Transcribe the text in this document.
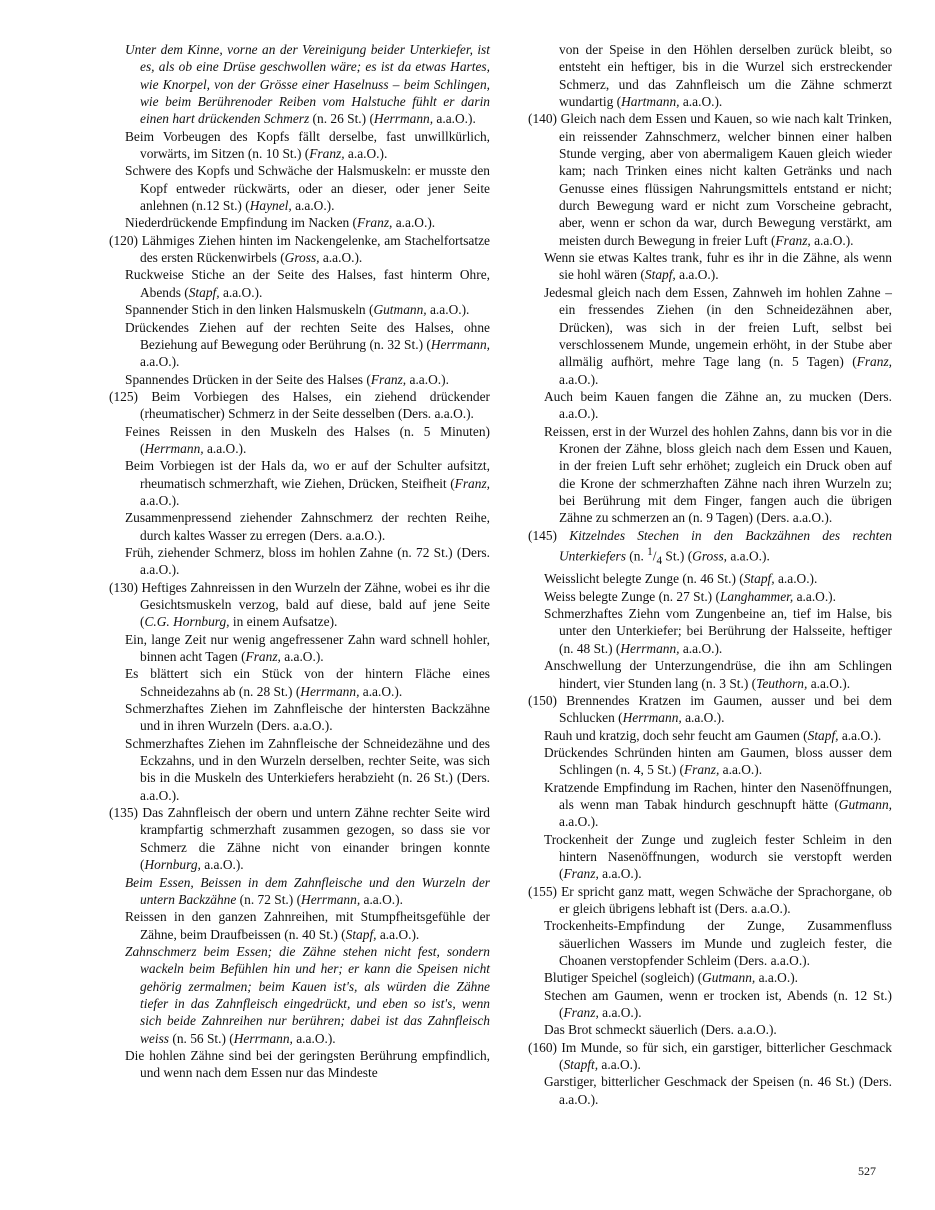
Unter dem Kinne, vorne an der Vereinigung beider Unterkiefer, ist es, als ob eine Drüse geschwollen wäre; es ist da etwas Hartes, wie Knorpel, von der Grösse einer Haselnuss – beim Schlingen, wie beim Berührenoder Reiben vom Halstuche fühlt er darin einen hart drückenden Schmerz (n. 26 St.) (Herrmann, a.a.O.).

Beim Vorbeugen des Kopfs fällt derselbe, fast unwillkürlich, vorwärts, im Sitzen (n. 10 St.) (Franz, a.a.O.).

Schwere des Kopfs und Schwäche der Halsmuskeln: er musste den Kopf entweder rückwärts, oder an dieser, oder jener Seite anlehnen (n.12 St.) (Haynel, a.a.O.).

Niederdrückende Empfindung im Nacken (Franz, a.a.O.).

(120) Lähmiges Ziehen hinten im Nackengelenke, am Stachelfortsatze des ersten Rückenwirbels (Gross, a.a.O.).

Ruckweise Stiche an der Seite des Halses, fast hinterm Ohre, Abends (Stapf, a.a.O.).

Spannender Stich in den linken Halsmuskeln (Gutmann, a.a.O.).

Drückendes Ziehen auf der rechten Seite des Halses, ohne Beziehung auf Bewegung oder Berührung (n. 32 St.) (Herrmann, a.a.O.).

Spannendes Drücken in der Seite des Halses (Franz, a.a.O.).

(125) Beim Vorbiegen des Halses, ein ziehend drückender (rheumatischer) Schmerz in der Seite desselben (Ders. a.a.O.).

Feines Reissen in den Muskeln des Halses (n. 5 Minuten) (Herrmann, a.a.O.).

Beim Vorbiegen ist der Hals da, wo er auf der Schulter aufsitzt, rheumatisch schmerzhaft, wie Ziehen, Drücken, Steifheit (Franz, a.a.O.).

Zusammenpressend ziehender Zahnschmerz der rechten Reihe, durch kaltes Wasser zu erregen (Ders. a.a.O.).

Früh, ziehender Schmerz, bloss im hohlen Zahne (n. 72 St.) (Ders. a.a.O.).

(130) Heftiges Zahnreissen in den Wurzeln der Zähne, wobei es ihr die Gesichtsmuskeln verzog, bald auf diese, bald auf jene Seite (C.G. Hornburg, in einem Aufsatze).

Ein, lange Zeit nur wenig angefressener Zahn ward schnell hohler, binnen acht Tagen (Franz, a.a.O.).

Es blättert sich ein Stück von der hintern Fläche eines Schneidezahns ab (n. 28 St.) (Herrmann, a.a.O.).

Schmerzhaftes Ziehen im Zahnfleische der hintersten Backzähne und in ihren Wurzeln (Ders. a.a.O.).

Schmerzhaftes Ziehen im Zahnfleische der Schneidezähne und des Eckzahns, und in den Wurzeln derselben, rechter Seite, was sich bis in die Muskeln des Unterkiefers herabzieht (n. 26 St.) (Ders. a.a.O.).

(135) Das Zahnfleisch der obern und untern Zähne rechter Seite wird krampfartig schmerzhaft zusammen gezogen, so dass sie vor Schmerz die Zähne nicht von einander bringen konnte (Hornburg, a.a.O.).

Beim Essen, Beissen in dem Zahnfleische und den Wurzeln der untern Backzähne (n. 72 St.) (Herrmann, a.a.O.).

Reissen in den ganzen Zahnreihen, mit Stumpfheitsgefühle der Zähne, beim Draufbeissen (n. 40 St.) (Stapf, a.a.O.).

Zahnschmerz beim Essen; die Zähne stehen nicht fest, sondern wackeln beim Befühlen hin und her; er kann die Speisen nicht gehörig zermalmen; beim Kauen ist's, als würden die Zähne tiefer in das Zahnfleisch eingedrückt, und eben so ist's, wenn sich beide Zahnreihen nur berühren; dabei ist das Zahnfleisch weiss (n. 56 St.) (Herrmann, a.a.O.).

Die hohlen Zähne sind bei der geringsten Berührung empfindlich, und wenn nach dem Essen nur das Mindeste

von der Speise in den Höhlen derselben zurück bleibt, so entsteht ein heftiger, bis in die Wurzel sich erstreckender Schmerz, und das Zahnfleisch um die Zähne schmerzt wundartig (Hartmann, a.a.O.).

(140) Gleich nach dem Essen und Kauen, so wie nach kalt Trinken, ein reissender Zahnschmerz, welcher binnen einer halben Stunde verging, aber von abermaligem Kauen gleich wieder kam; nach Trinken eines nicht kalten Getränks und nach Genusse eines flüssigen Nahrungsmittels entstand er nicht; durch Bewegung ward er nicht zum Vorscheine gebracht, aber, wenn er schon da war, durch Bewegung verstärkt, am meisten durch Bewegung in freier Luft (Franz, a.a.O.).

Wenn sie etwas Kaltes trank, fuhr es ihr in die Zähne, als wenn sie hohl wären (Stapf, a.a.O.).

Jedesmal gleich nach dem Essen, Zahnweh im hohlen Zahne – ein fressendes Ziehen (in den Schneidezähnen aber, Drücken), was sich in der freien Luft, selbst bei verschlossenem Munde, ungemein erhöht, in der Stube aber allmälig aufhört, mehre Tage lang (n. 5 Tagen) (Franz, a.a.O.).

Auch beim Kauen fangen die Zähne an, zu mucken (Ders. a.a.O.).

Reissen, erst in der Wurzel des hohlen Zahns, dann bis vor in die Kronen der Zähne, bloss gleich nach dem Essen und Kauen, in der freien Luft sehr erhöhet; zugleich ein Druck oben auf die Krone der schmerzhaften Zähne nach ihren Wurzeln zu; bei Berührung mit dem Finger, fangen auch die übrigen Zähne zu schmerzen an (n. 9 Tagen) (Ders. a.a.O.).

(145) Kitzelndes Stechen in den Backzähnen des rechten Unterkiefers (n. $^1/_4$ St.) (Gross, a.a.O.).

Weisslicht belegte Zunge (n. 46 St.) (Stapf, a.a.O.).

Weiss belegte Zunge (n. 27 St.) (Langhammer, a.a.O.).

Schmerzhaftes Ziehn vom Zungenbeine an, tief im Halse, bis unter den Unterkiefer; bei Berührung der Halsseite, heftiger (n. 48 St.) (Herrmann, a.a.O.).

Anschwellung der Unterzungendrüse, die ihn am Schlingen hindert, vier Stunden lang (n. 3 St.) (Teuthorn, a.a.O.).

(150) Brennendes Kratzen im Gaumen, ausser und bei dem Schlucken (Herrmann, a.a.O.).

Rauh und kratzig, doch sehr feucht am Gaumen (Stapf, a.a.O.).

Drückendes Schründen hinten am Gaumen, bloss ausser dem Schlingen (n. 4, 5 St.) (Franz, a.a.O.).

Kratzende Empfindung im Rachen, hinter den Nasenöffnungen, als wenn man Tabak hindurch geschnupft hätte (Gutmann, a.a.O.).

Trockenheit der Zunge und zugleich fester Schleim in den hintern Nasenöffnungen, wodurch sie verstopft werden (Franz, a.a.O.).

(155) Er spricht ganz matt, wegen Schwäche der Sprachorgane, ob er gleich übrigens lebhaft ist (Ders. a.a.O.).

Trockenheits-Empfindung der Zunge, Zusammenfluss säuerlichen Wassers im Munde und zugleich fester, die Choanen verstopfender Schleim (Ders. a.a.O.).

Blutiger Speichel (sogleich) (Gutmann, a.a.O.).

Stechen am Gaumen, wenn er trocken ist, Abends (n. 12 St.) (Franz, a.a.O.).

Das Brot schmeckt säuerlich (Ders. a.a.O.).

(160) Im Munde, so für sich, ein garstiger, bitterlicher Geschmack (Stapft, a.a.O.).

Garstiger, bitterlicher Geschmack der Speisen (n. 46 St.) (Ders. a.a.O.).

527
